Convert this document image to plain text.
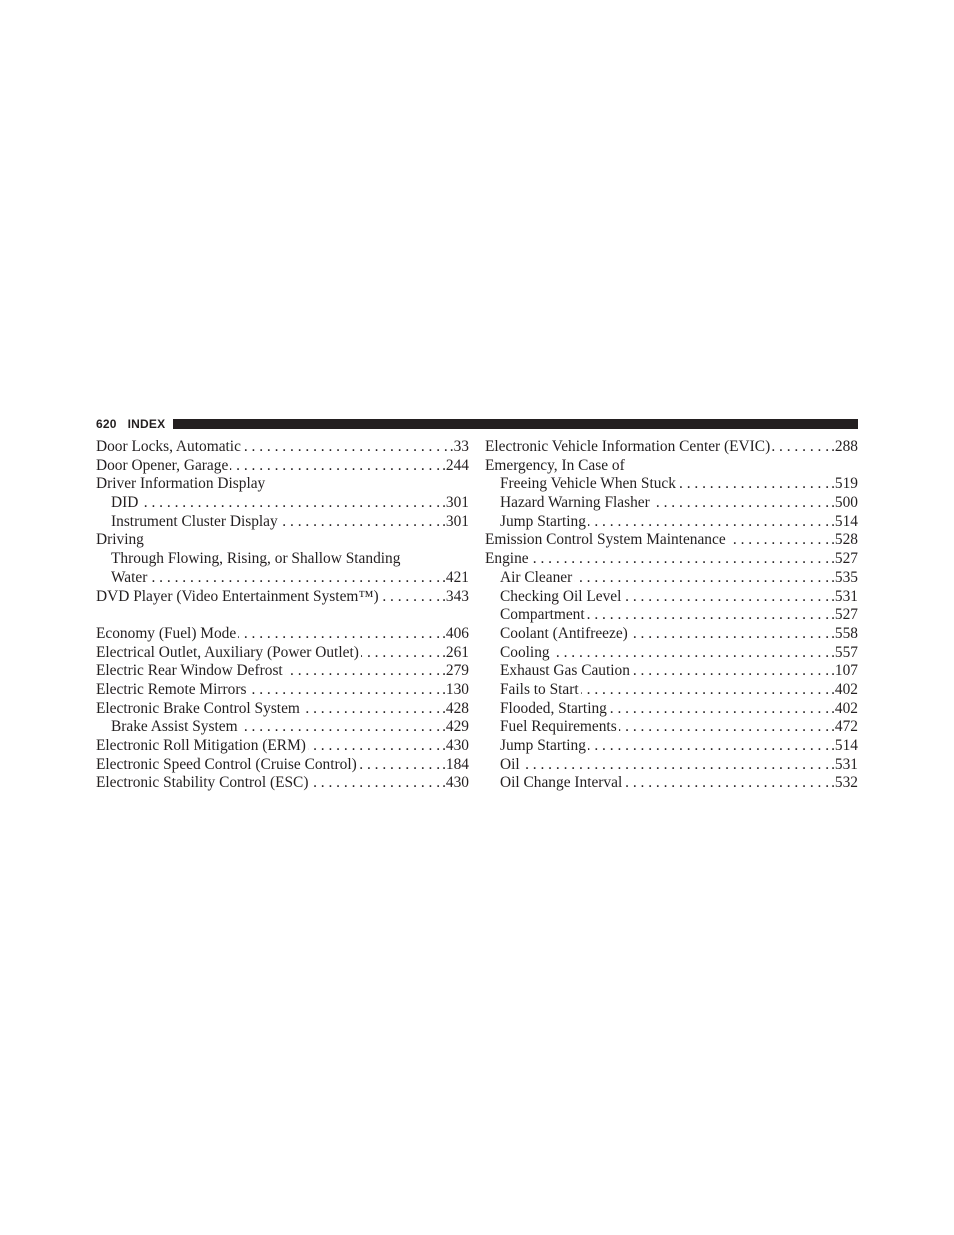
620 INDEX
Door Locks, Automatic . . .	.33
Door Opener, Garage . . .	.244
Driver Information Display
DID . . .	.301
Instrument Cluster Display . . .	.301
Driving
Through Flowing, Rising, or Shallow Standing
Water . . .	.421
DVD Player (Video Entertainment System™) . . .	.343
Economy (Fuel) Mode . . .	.406
Electrical Outlet, Auxiliary (Power Outlet) . . .	.261
Electric Rear Window Defrost . . .	.279
Electric Remote Mirrors . . .	.130
Electronic Brake Control System . . .	.428
Brake Assist System . . .	.429
Electronic Roll Mitigation (ERM) . . .	.430
Electronic Speed Control (Cruise Control) . . .	.184
Electronic Stability Control (ESC) . . .	.430
Electronic Vehicle Information Center (EVIC) . . .	.288
Emergency, In Case of
Freeing Vehicle When Stuck . . .	.519
Hazard Warning Flasher . . .	.500
Jump Starting . . .	.514
Emission Control System Maintenance . . .	.528
Engine . . .	.527
Air Cleaner . . .	.535
Checking Oil Level . . .	.531
Compartment . . .	.527
Coolant (Antifreeze) . . .	.558
Cooling . . .	.557
Exhaust Gas Caution . . .	.107
Fails to Start . . .	.402
Flooded, Starting . . .	.402
Fuel Requirements . . .	.472
Jump Starting . . .	.514
Oil . . .	.531
Oil Change Interval . . .	.532
